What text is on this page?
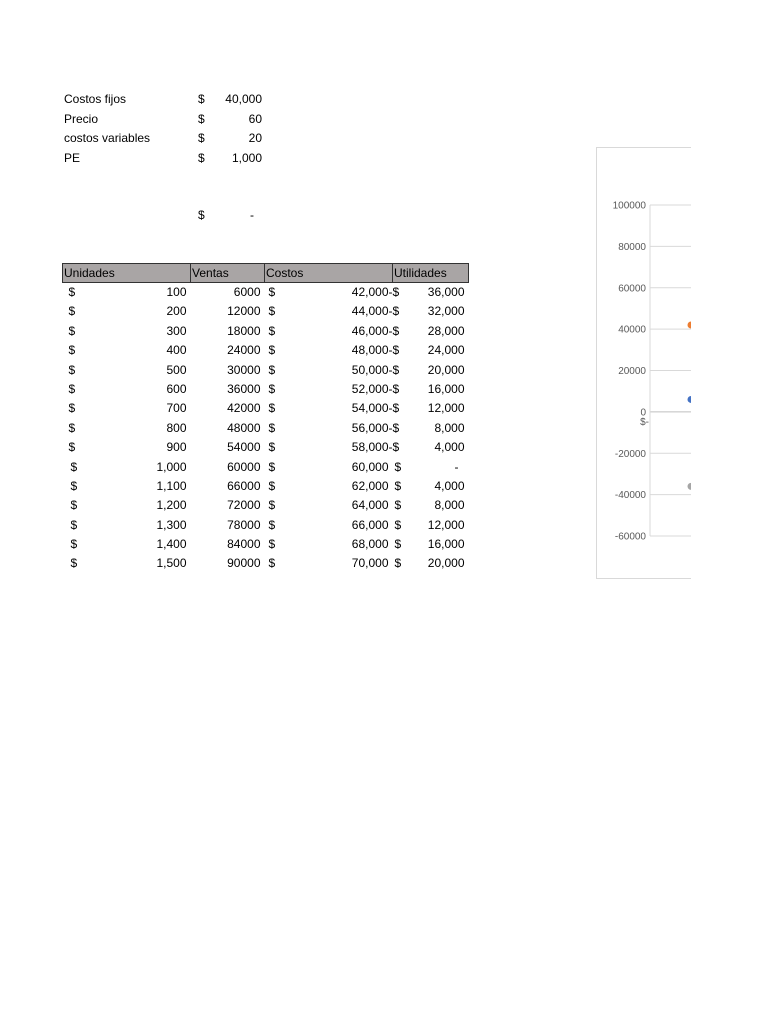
Costos fijos	$ 40,000
Precio	$	60
costos variables	$	20
PE	$ 1,000
$	-
Unidades	Ventas	Costos	Utilidades

$ 100	6000	$ 42,000	-$ 36,000

$ 200	12000	$ 44,000	-$ 32,000

$ 300	18000	$ 46,000	-$ 28,000

$ 400	24000	$ 48,000	-$ 24,000

$ 500	30000	$ 50,000	-$ 20,000

$ 600	36000	$ 52,000	-$ 16,000

$ 700	42000	$ 54,000	-$ 12,000

$ 800	48000	$ 56,000	-$ 8,000

$ 900	54000	$ 58,000	-$ 4,000

$ 1,000	60000	$ 60,000	$ -

$ 1,100	66000	$ 62,000	$ 4,000

$ 1,200	72000	$ 64,000	$ 8,000

$ 1,300	78000	$ 66,000	$ 12,000

$ 1,400	84000	$ 68,000	$ 16,000

$ 1,500	90000	$ 70,000	$ 20,000
100000
80000
60000
40000
20000
0
-20000
-40000
-60000
$-
